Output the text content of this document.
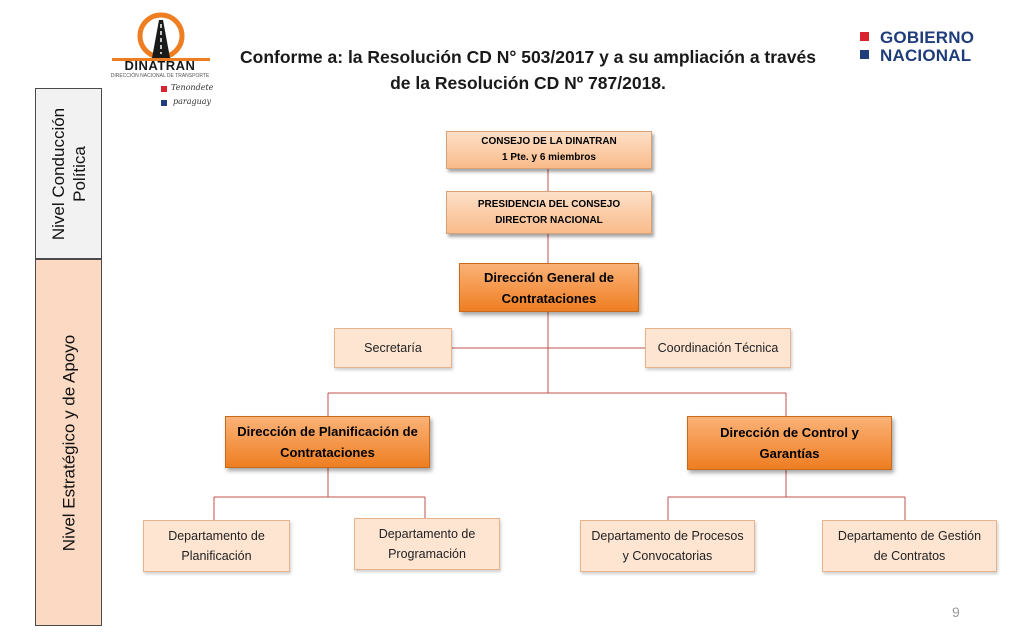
DINATRAN
DIRECCIÓN NACIONAL DE TRANSPORTE
Tenondete
paraguay
Conforme a: la Resolución CD N° 503/2017 y a su ampliación a través
de la Resolución CD Nº 787/2018.
GOBIERNO
NACIONAL
Nivel Conducción Política
Nivel Estratégico y de Apoyo
CONSEJO DE LA DINATRAN
1 Pte. y 6 miembros
PRESIDENCIA DEL CONSEJO
DIRECTOR NACIONAL
Dirección General de
Contrataciones
Secretaría	Coordinación Técnica
Dirección de Planificación de
Contrataciones
Dirección de Control y
Garantías
Departamento de
Planificación
Departamento de
Programación
Departamento de Procesos
y Convocatorias
Departamento de Gestión
de Contratos
9
